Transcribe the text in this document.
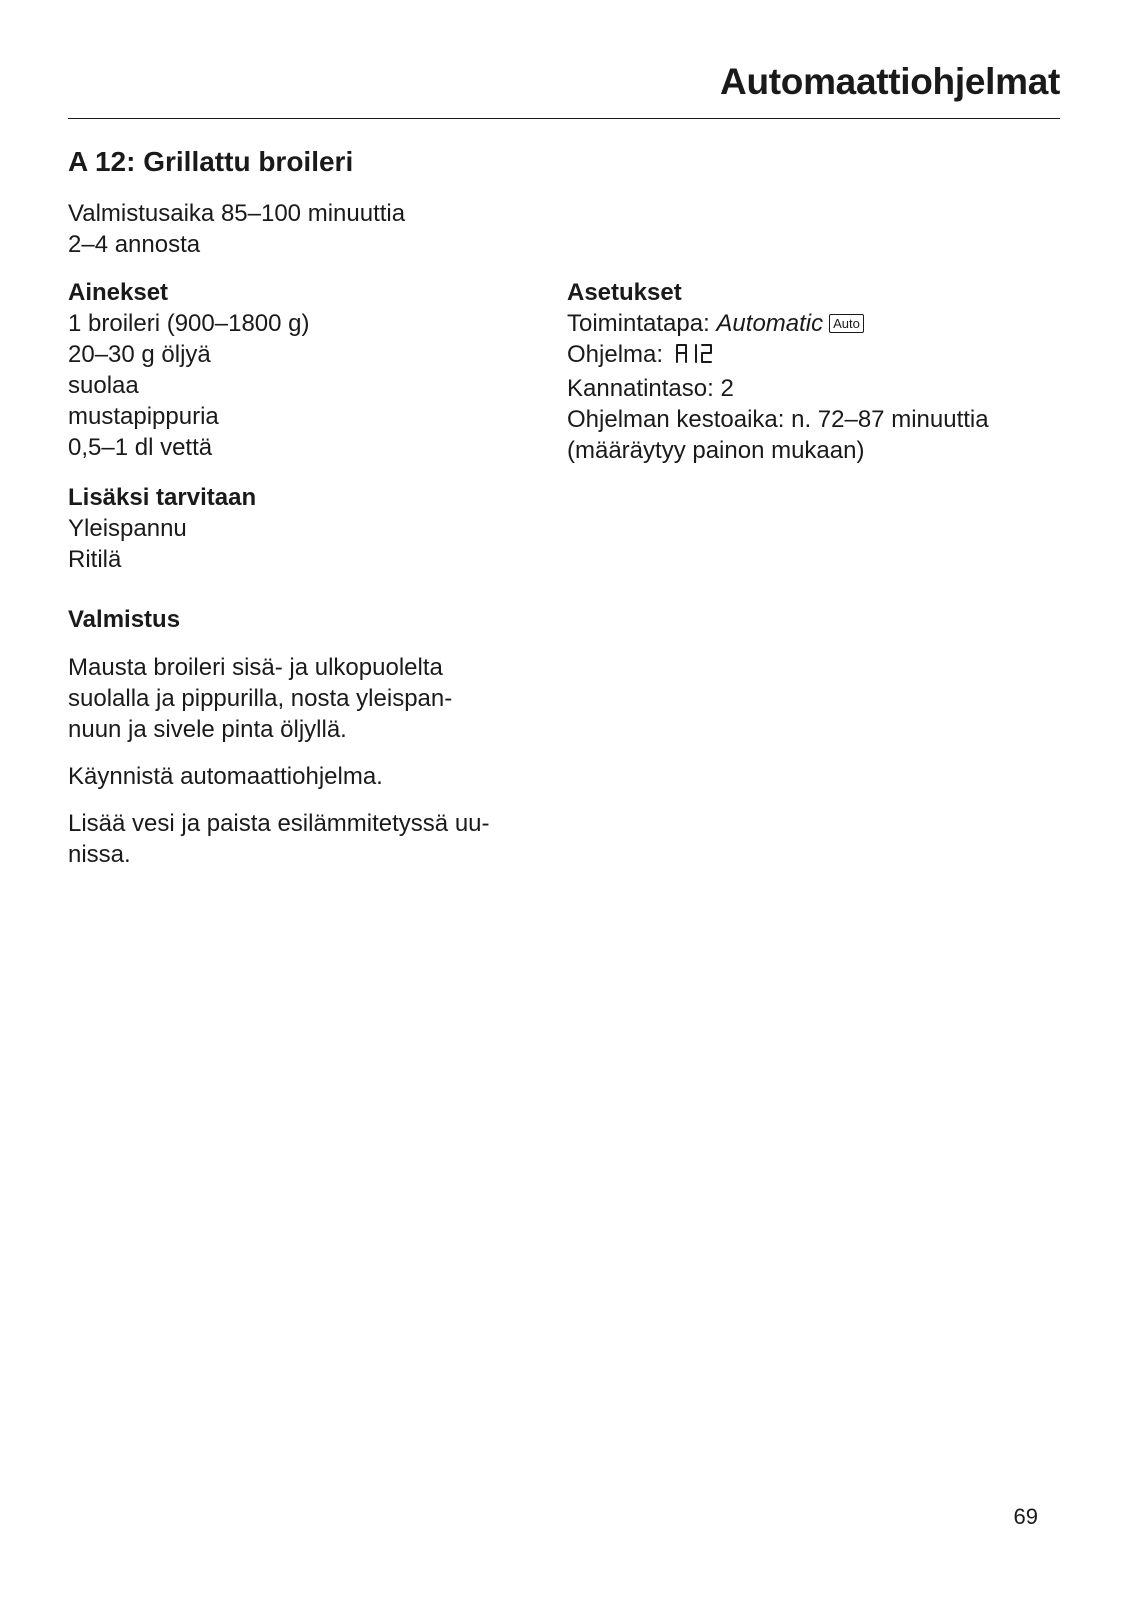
Automaattiohjelmat
A 12: Grillattu broileri

Valmistusaika 85–100 minuuttia

2–4 annosta

Ainekset

1 broileri (900–1800 g)

20–30 g öljyä

suolaa

mustapippuria

0,5–1 dl vettä

Lisäksi tarvitaan

Yleispannu

Ritilä

Asetukset

Toimintatapa: Automatic Auto

Ohjelma:

Kannatintaso: 2

Ohjelman kestoaika: n. 72–87 minuuttia

(määräytyy painon mukaan)

Valmistus

Mausta broileri sisä- ja ulkopuolelta

suolalla ja pippurilla, nosta yleispan-

nuun ja sivele pinta öljyllä.

Käynnistä automaattiohjelma.

Lisää vesi ja paista esilämmitetyssä uu-

nissa.

69
